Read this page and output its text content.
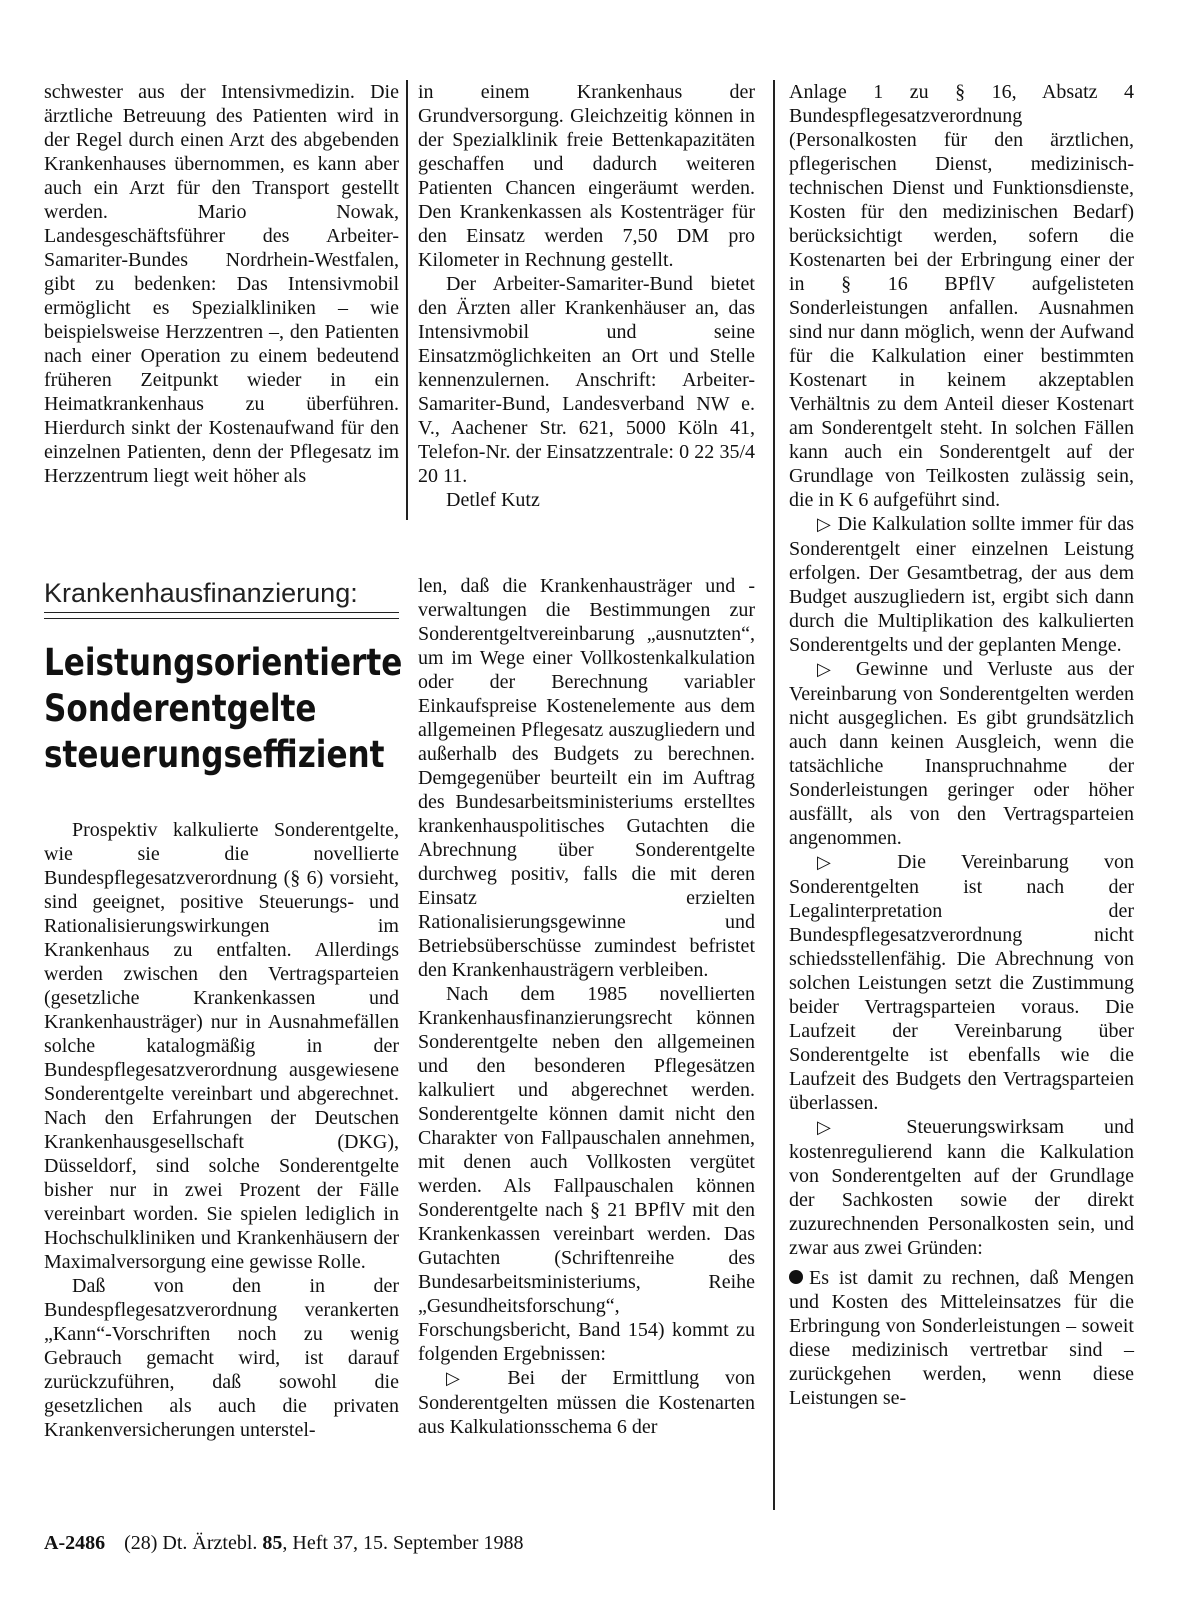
schwester aus der Intensivmedizin. Die ärztliche Betreuung des Patienten wird in der Regel durch einen Arzt des abgebenden Krankenhauses übernommen, es kann aber auch ein Arzt für den Transport gestellt werden. Mario Nowak, Landesgeschäftsführer des Arbeiter-Samariter-Bundes Nordrhein-Westfalen, gibt zu bedenken: Das Intensivmobil ermöglicht es Spezialkliniken – wie beispielsweise Herzzentren –, den Patienten nach einer Operation zu einem bedeutend früheren Zeitpunkt wieder in ein Heimatkrankenhaus zu überführen. Hierdurch sinkt der Kostenaufwand für den einzelnen Patienten, denn der Pflegesatz im Herzzentrum liegt weit höher als

in einem Krankenhaus der Grundversorgung. Gleichzeitig können in der Spezialklinik freie Bettenkapazitäten geschaffen und dadurch weiteren Patienten Chancen eingeräumt werden. Den Krankenkassen als Kostenträger für den Einsatz werden 7,50 DM pro Kilometer in Rechnung gestellt.

Der Arbeiter-Samariter-Bund bietet den Ärzten aller Krankenhäuser an, das Intensivmobil und seine Einsatzmöglichkeiten an Ort und Stelle kennenzulernen. Anschrift: Arbeiter-Samariter-Bund, Landesverband NW e. V., Aachener Str. 621, 5000 Köln 41, Telefon-Nr. der Einsatzzentrale: 0 22 35/4 20 11.

Detlef Kutz

Krankenhausfinanzierung:
Leistungsorientierte
Sonderentgelte
steuerungseffizient

Prospektiv kalkulierte Sonderentgelte, wie sie die novellierte Bundespflegesatzverordnung (§ 6) vorsieht, sind geeignet, positive Steuerungs- und Rationalisierungswirkungen im Krankenhaus zu entfalten. Allerdings werden zwischen den Vertragsparteien (gesetzliche Krankenkassen und Krankenhausträger) nur in Ausnahmefällen solche katalogmäßig in der Bundespflegesatzverordnung ausgewiesene Sonderentgelte vereinbart und abgerechnet. Nach den Erfahrungen der Deutschen Krankenhausgesellschaft (DKG), Düsseldorf, sind solche Sonderentgelte bisher nur in zwei Prozent der Fälle vereinbart worden. Sie spielen lediglich in Hochschulkliniken und Krankenhäusern der Maximalversorgung eine gewisse Rolle.

Daß von den in der Bundespflegesatzverordnung verankerten „Kann“-Vorschriften noch zu wenig Gebrauch gemacht wird, ist darauf zurückzuführen, daß sowohl die gesetzlichen als auch die privaten Krankenversicherungen unterstel-

len, daß die Krankenhausträger und -verwaltungen die Bestimmungen zur Sonderentgeltvereinbarung „ausnutzten“, um im Wege einer Vollkostenkalkulation oder der Berechnung variabler Einkaufspreise Kostenelemente aus dem allgemeinen Pflegesatz auszugliedern und außerhalb des Budgets zu berechnen. Demgegenüber beurteilt ein im Auftrag des Bundesarbeitsministeriums erstelltes krankenhauspolitisches Gutachten die Abrechnung über Sonderentgelte durchweg positiv, falls die mit deren Einsatz erzielten Rationalisierungsgewinne und Betriebsüberschüsse zumindest befristet den Krankenhausträgern verbleiben.

Nach dem 1985 novellierten Krankenhausfinanzierungsrecht können Sonderentgelte neben den allgemeinen und den besonderen Pflegesätzen kalkuliert und abgerechnet werden. Sonderentgelte können damit nicht den Charakter von Fallpauschalen annehmen, mit denen auch Vollkosten vergütet werden. Als Fallpauschalen können Sonderentgelte nach § 21 BPflV mit den Krankenkassen vereinbart werden. Das Gutachten (Schriftenreihe des Bundesarbeitsministeriums, Reihe „Gesundheitsforschung“, Forschungsbericht, Band 154) kommt zu folgenden Ergebnissen:

▷ Bei der Ermittlung von Sonderentgelten müssen die Kostenarten aus Kalkulationsschema 6 der

Anlage 1 zu § 16, Absatz 4 Bundespflegesatzverordnung (Personalkosten für den ärztlichen, pflegerischen Dienst, medizinisch-technischen Dienst und Funktionsdienste, Kosten für den medizinischen Bedarf) berücksichtigt werden, sofern die Kostenarten bei der Erbringung einer der in § 16 BPflV aufgelisteten Sonderleistungen anfallen. Ausnahmen sind nur dann möglich, wenn der Aufwand für die Kalkulation einer bestimmten Kostenart in keinem akzeptablen Verhältnis zu dem Anteil dieser Kostenart am Sonderentgelt steht. In solchen Fällen kann auch ein Sonderentgelt auf der Grundlage von Teilkosten zulässig sein, die in K 6 aufgeführt sind.

▷ Die Kalkulation sollte immer für das Sonderentgelt einer einzelnen Leistung erfolgen. Der Gesamtbetrag, der aus dem Budget auszugliedern ist, ergibt sich dann durch die Multiplikation des kalkulierten Sonderentgelts und der geplanten Menge.

▷ Gewinne und Verluste aus der Vereinbarung von Sonderentgelten werden nicht ausgeglichen. Es gibt grundsätzlich auch dann keinen Ausgleich, wenn die tatsächliche Inanspruchnahme der Sonderleistungen geringer oder höher ausfällt, als von den Vertragsparteien angenommen.

▷ Die Vereinbarung von Sonderentgelten ist nach der Legalinterpretation der Bundespflegesatzverordnung nicht schiedsstellenfähig. Die Abrechnung von solchen Leistungen setzt die Zustimmung beider Vertragsparteien voraus. Die Laufzeit der Vereinbarung über Sonderentgelte ist ebenfalls wie die Laufzeit des Budgets den Vertragsparteien überlassen.

▷ Steuerungswirksam und kostenregulierend kann die Kalkulation von Sonderentgelten auf der Grundlage der Sachkosten sowie der direkt zuzurechnenden Personalkosten sein, und zwar aus zwei Gründen:

Es ist damit zu rechnen, daß Mengen und Kosten des Mitteleinsatzes für die Erbringung von Sonderleistungen – soweit diese medizinisch vertretbar sind – zurückgehen werden, wenn diese Leistungen se-

A-2486 (28) Dt. Ärztebl. 85, Heft 37, 15. September 1988
